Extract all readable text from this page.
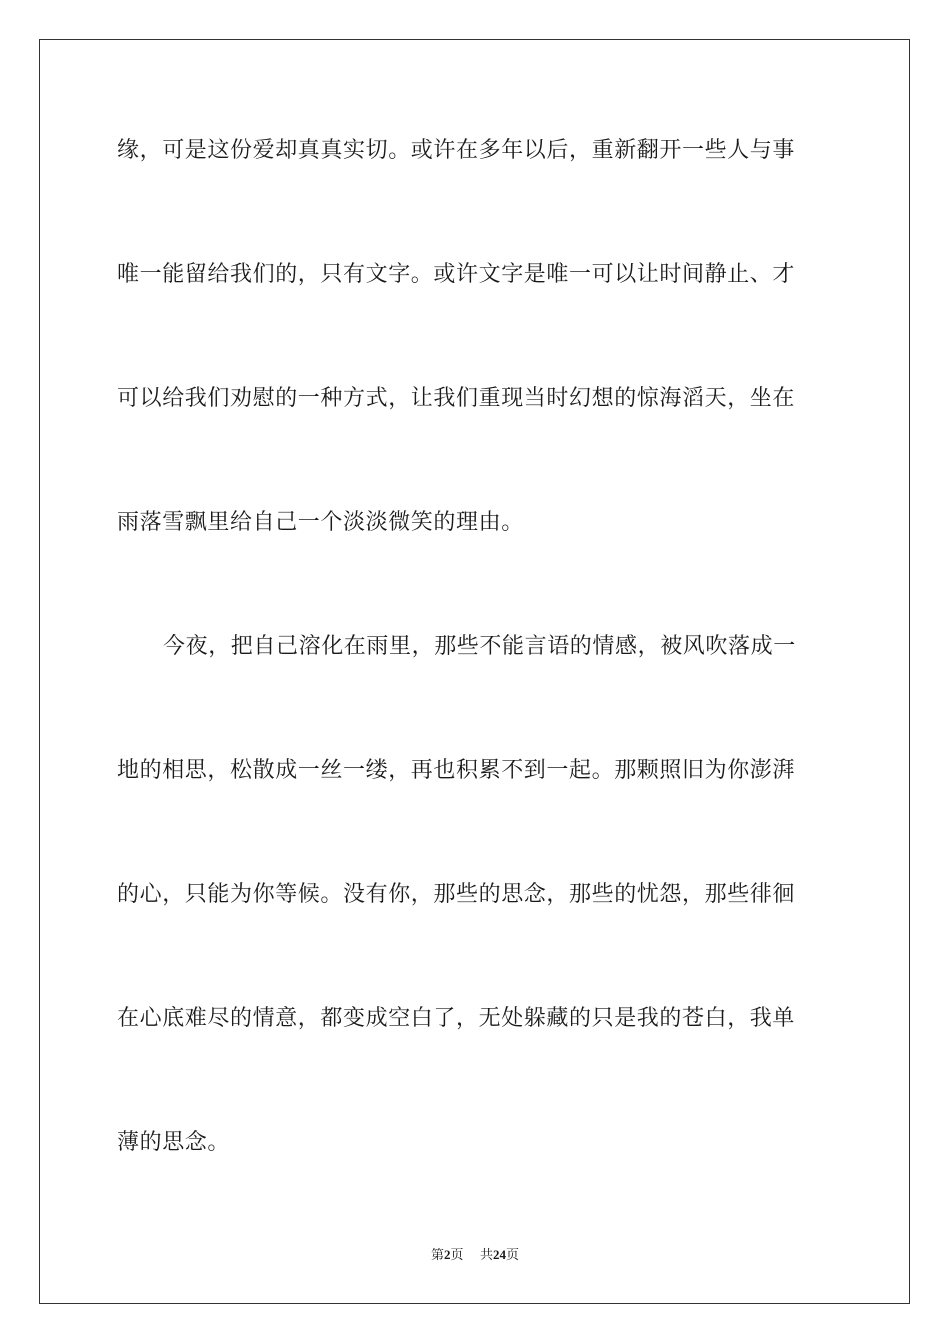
缘，可是这份爱却真真实切。或许在多年以后，重新翻开一些人与事
唯一能留给我们的，只有文字。或许文字是唯一可以让时间静止、才
可以给我们劝慰的一种方式，让我们重现当时幻想的惊海滔天，坐在
雨落雪飘里给自己一个淡淡微笑的理由。
今夜，把自己溶化在雨里，那些不能言语的情感，被风吹落成一
地的相思，松散成一丝一缕，再也积累不到一起。那颗照旧为你澎湃
的心，只能为你等候。没有你，那些的思念，那些的忧怨，那些徘徊
在心底难尽的情意，都变成空白了，无处躲藏的只是我的苍白，我单
薄的思念。
第2页 共24页
